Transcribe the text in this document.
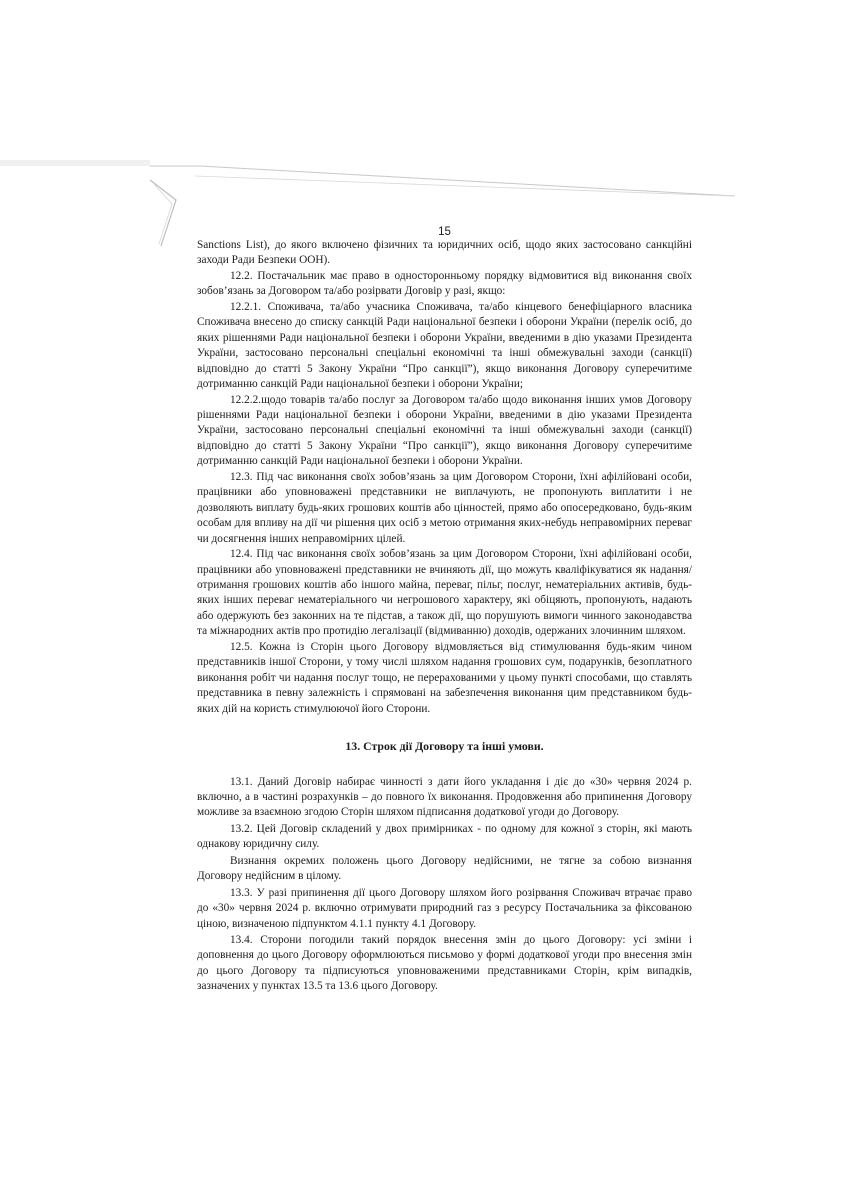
15

Sanctions List), до якого включено фізичних та юридичних осіб, щодо яких застосовано санкційні заходи Ради Безпеки ООН).

12.2. Постачальник має право в односторонньому порядку відмовитися від виконання своїх зобов’язань за Договором та/або розірвати Договір у разі, якщо:

12.2.1. Споживача, та/або учасника Споживача, та/або кінцевого бенефіціарного власника Споживача внесено до списку санкцій Ради національної безпеки і оборони України (перелік осіб, до яких рішеннями Ради національної безпеки і оборони України, введеними в дію указами Президента України, застосовано персональні спеціальні економічні та інші обмежувальні заходи (санкції) відповідно до статті 5 Закону України “Про санкції”), якщо виконання Договору суперечитиме дотриманню санкцій Ради національної безпеки і оборони України;

12.2.2.щодо товарів та/або послуг за Договором та/або щодо виконання інших умов Договору рішеннями Ради національної безпеки і оборони України, введеними в дію указами Президента України, застосовано персональні спеціальні економічні та інші обмежувальні заходи (санкції) відповідно до статті 5 Закону України “Про санкції”), якщо виконання Договору суперечитиме дотриманню санкцій Ради національної безпеки і оборони України.

12.3. Під час виконання своїх зобов’язань за цим Договором Сторони, їхні афілійовані особи, працівники або уповноважені представники не виплачують, не пропонують виплатити і не дозволяють виплату будь-яких грошових коштів або цінностей, прямо або опосередковано, будь-яким особам для впливу на дії чи рішення цих осіб з метою отримання яких-небудь неправомірних переваг чи досягнення інших неправомірних цілей.

12.4. Під час виконання своїх зобов’язань за цим Договором Сторони, їхні афілійовані особи, працівники або уповноважені представники не вчиняють дії, що можуть кваліфікуватися як надання/отримання грошових коштів або іншого майна, переваг, пільг, послуг, нематеріальних активів, будь-яких інших переваг нематеріального чи негрошового характеру, які обіцяють, пропонують, надають або одержують без законних на те підстав, а також дії, що порушують вимоги чинного законодавства та міжнародних актів про протидію легалізації (відмиванню) доходів, одержаних злочинним шляхом.

12.5. Кожна із Сторін цього Договору відмовляється від стимулювання будь-яким чином представників іншої Сторони, у тому числі шляхом надання грошових сум, подарунків, безоплатного виконання робіт чи надання послуг тощо, не перерахованими у цьому пункті способами, що ставлять представника в певну залежність і спрямовані на забезпечення виконання цим представником будь-яких дій на користь стимулюючої його Сторони.

13. Строк дії Договору та інші умови.

13.1. Даний Договір набирає чинності з дати його укладання і діє до «30» червня 2024 р. включно, а в частині розрахунків – до повного їх виконання. Продовження або припинення Договору можливе за взаємною згодою Сторін шляхом підписання додаткової угоди до Договору.

13.2. Цей Договір складений у двох примірниках - по одному для кожної з сторін, які мають однакову юридичну силу.

Визнання окремих положень цього Договору недійсними, не тягне за собою визнання Договору недійсним в цілому.

13.3. У разі припинення дії цього Договору шляхом його розірвання Споживач втрачає право до «30» червня 2024 р. включно отримувати природний газ з ресурсу Постачальника за фіксованою ціною, визначеною підпунктом 4.1.1 пункту 4.1 Договору.

13.4. Сторони погодили такий порядок внесення змін до цього Договору: усі зміни і доповнення до цього Договору оформлюються письмово у формі додаткової угоди про внесення змін до цього Договору та підписуються уповноваженими представниками Сторін, крім випадків, зазначених у пунктах 13.5 та 13.6 цього Договору.
